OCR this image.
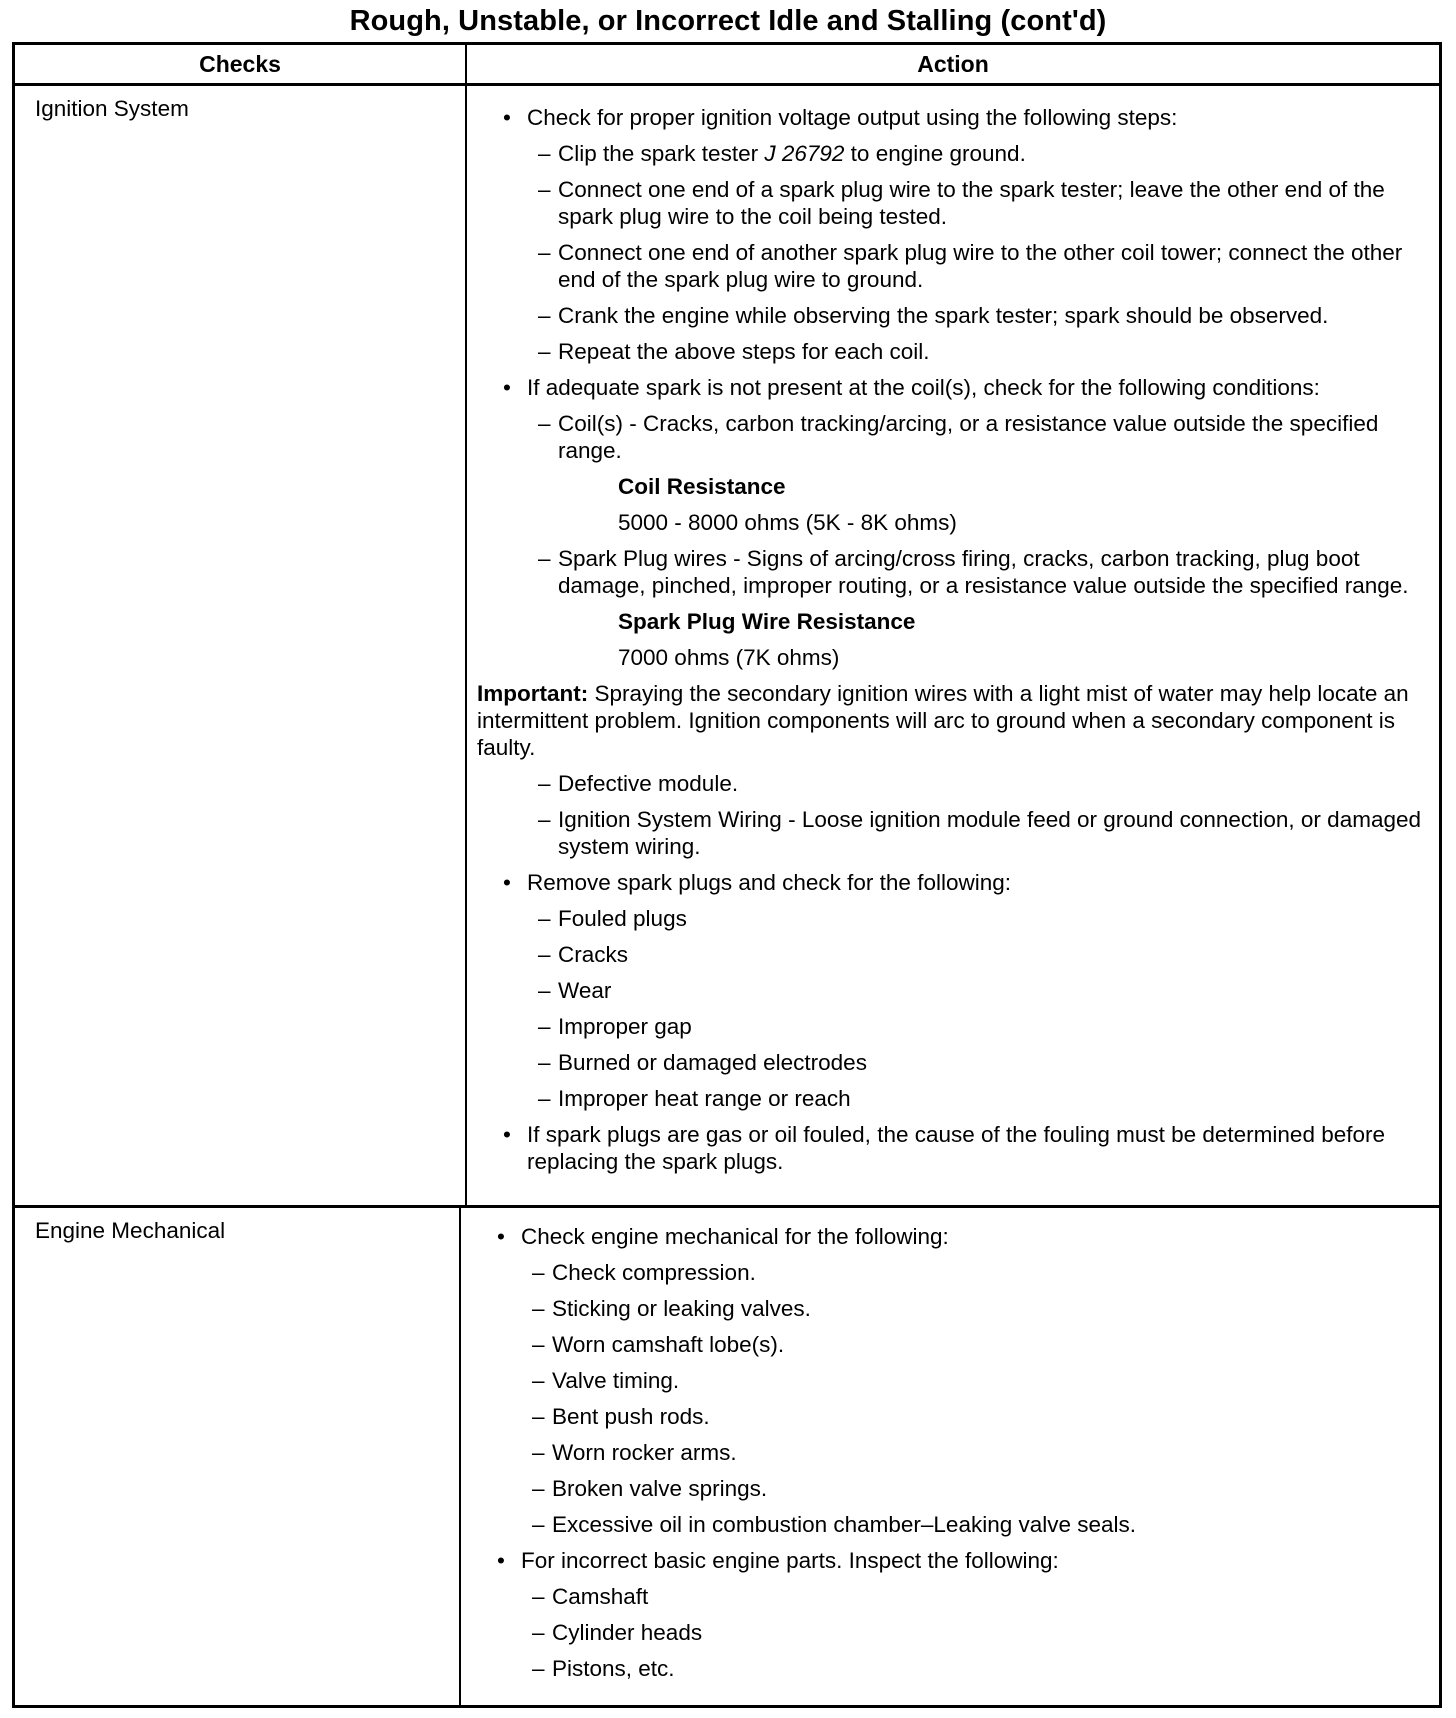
Rough, Unstable, or Incorrect Idle and Stalling (cont'd)
Checks	Action
Ignition System	• Check for proper ignition voltage output using the following steps:
– Clip the spark tester J 26792 to engine ground.
– Connect one end of a spark plug wire to the spark tester; leave the other end of the spark plug wire to the coil being tested.
– Connect one end of another spark plug wire to the other coil tower; connect the other end of the spark plug wire to ground.
– Crank the engine while observing the spark tester; spark should be observed.
– Repeat the above steps for each coil.
• If adequate spark is not present at the coil(s), check for the following conditions:
– Coil(s) - Cracks, carbon tracking/arcing, or a resistance value outside the specified range.
Coil Resistance
5000 - 8000 ohms (5K - 8K ohms)
– Spark Plug wires - Signs of arcing/cross firing, cracks, carbon tracking, plug boot damage, pinched, improper routing, or a resistance value outside the specified range.
Spark Plug Wire Resistance
7000 ohms (7K ohms)
Important: Spraying the secondary ignition wires with a light mist of water may help locate an intermittent problem. Ignition components will arc to ground when a secondary component is faulty.
– Defective module.
– Ignition System Wiring - Loose ignition module feed or ground connection, or damaged system wiring.
• Remove spark plugs and check for the following:
– Fouled plugs
– Cracks
– Wear
– Improper gap
– Burned or damaged electrodes
– Improper heat range or reach
• If spark plugs are gas or oil fouled, the cause of the fouling must be determined before replacing the spark plugs.
Engine Mechanical	• Check engine mechanical for the following:
– Check compression.
– Sticking or leaking valves.
– Worn camshaft lobe(s).
– Valve timing.
– Bent push rods.
– Worn rocker arms.
– Broken valve springs.
– Excessive oil in combustion chamber–Leaking valve seals.
• For incorrect basic engine parts. Inspect the following:
– Camshaft
– Cylinder heads
– Pistons, etc.
